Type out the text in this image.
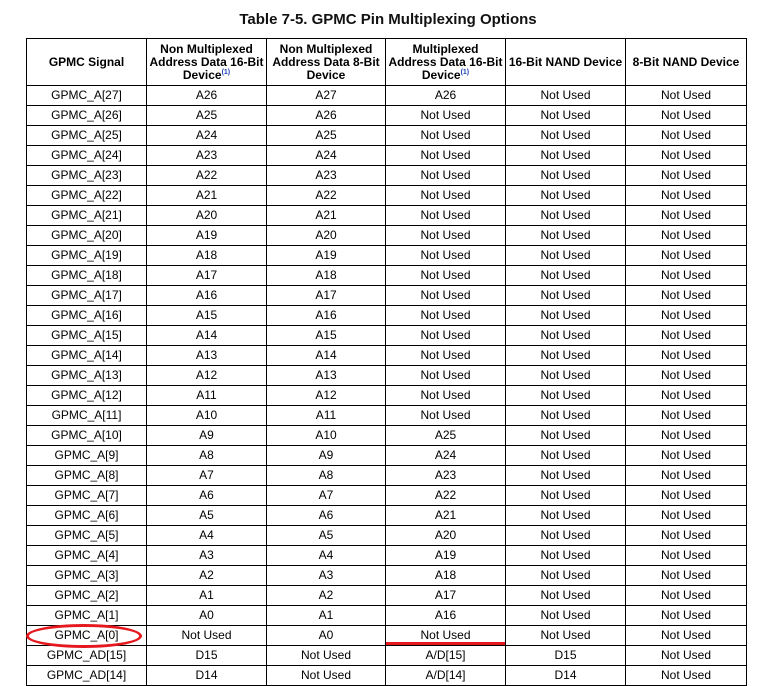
Table 7-5. GPMC Pin Multiplexing Options
GPMC Signal	Non Multiplexed Address Data 16-Bit Device$^{(1)}$	Non Multiplexed Address Data 8-Bit Device	Multiplexed Address Data 16-Bit Device$^{(1)}$	16-Bit NAND Device	8-Bit NAND Device
GPMC_A[27]	A26	A27	A26	Not Used	Not Used
GPMC_A[26]	A25	A26	Not Used	Not Used	Not Used
GPMC_A[25]	A24	A25	Not Used	Not Used	Not Used
GPMC_A[24]	A23	A24	Not Used	Not Used	Not Used
GPMC_A[23]	A22	A23	Not Used	Not Used	Not Used
GPMC_A[22]	A21	A22	Not Used	Not Used	Not Used
GPMC_A[21]	A20	A21	Not Used	Not Used	Not Used
GPMC_A[20]	A19	A20	Not Used	Not Used	Not Used
GPMC_A[19]	A18	A19	Not Used	Not Used	Not Used
GPMC_A[18]	A17	A18	Not Used	Not Used	Not Used
GPMC_A[17]	A16	A17	Not Used	Not Used	Not Used
GPMC_A[16]	A15	A16	Not Used	Not Used	Not Used
GPMC_A[15]	A14	A15	Not Used	Not Used	Not Used
GPMC_A[14]	A13	A14	Not Used	Not Used	Not Used
GPMC_A[13]	A12	A13	Not Used	Not Used	Not Used
GPMC_A[12]	A11	A12	Not Used	Not Used	Not Used
GPMC_A[11]	A10	A11	Not Used	Not Used	Not Used
GPMC_A[10]	A9	A10	A25	Not Used	Not Used
GPMC_A[9]	A8	A9	A24	Not Used	Not Used
GPMC_A[8]	A7	A8	A23	Not Used	Not Used
GPMC_A[7]	A6	A7	A22	Not Used	Not Used
GPMC_A[6]	A5	A6	A21	Not Used	Not Used
GPMC_A[5]	A4	A5	A20	Not Used	Not Used
GPMC_A[4]	A3	A4	A19	Not Used	Not Used
GPMC_A[3]	A2	A3	A18	Not Used	Not Used
GPMC_A[2]	A1	A2	A17	Not Used	Not Used
GPMC_A[1]	A0	A1	A16	Not Used	Not Used
GPMC_A[0]	Not Used	A0	Not Used	Not Used	Not Used
GPMC_AD[15]	D15	Not Used	A/D[15]	D15	Not Used
GPMC_AD[14]	D14	Not Used	A/D[14]	D14	Not Used
